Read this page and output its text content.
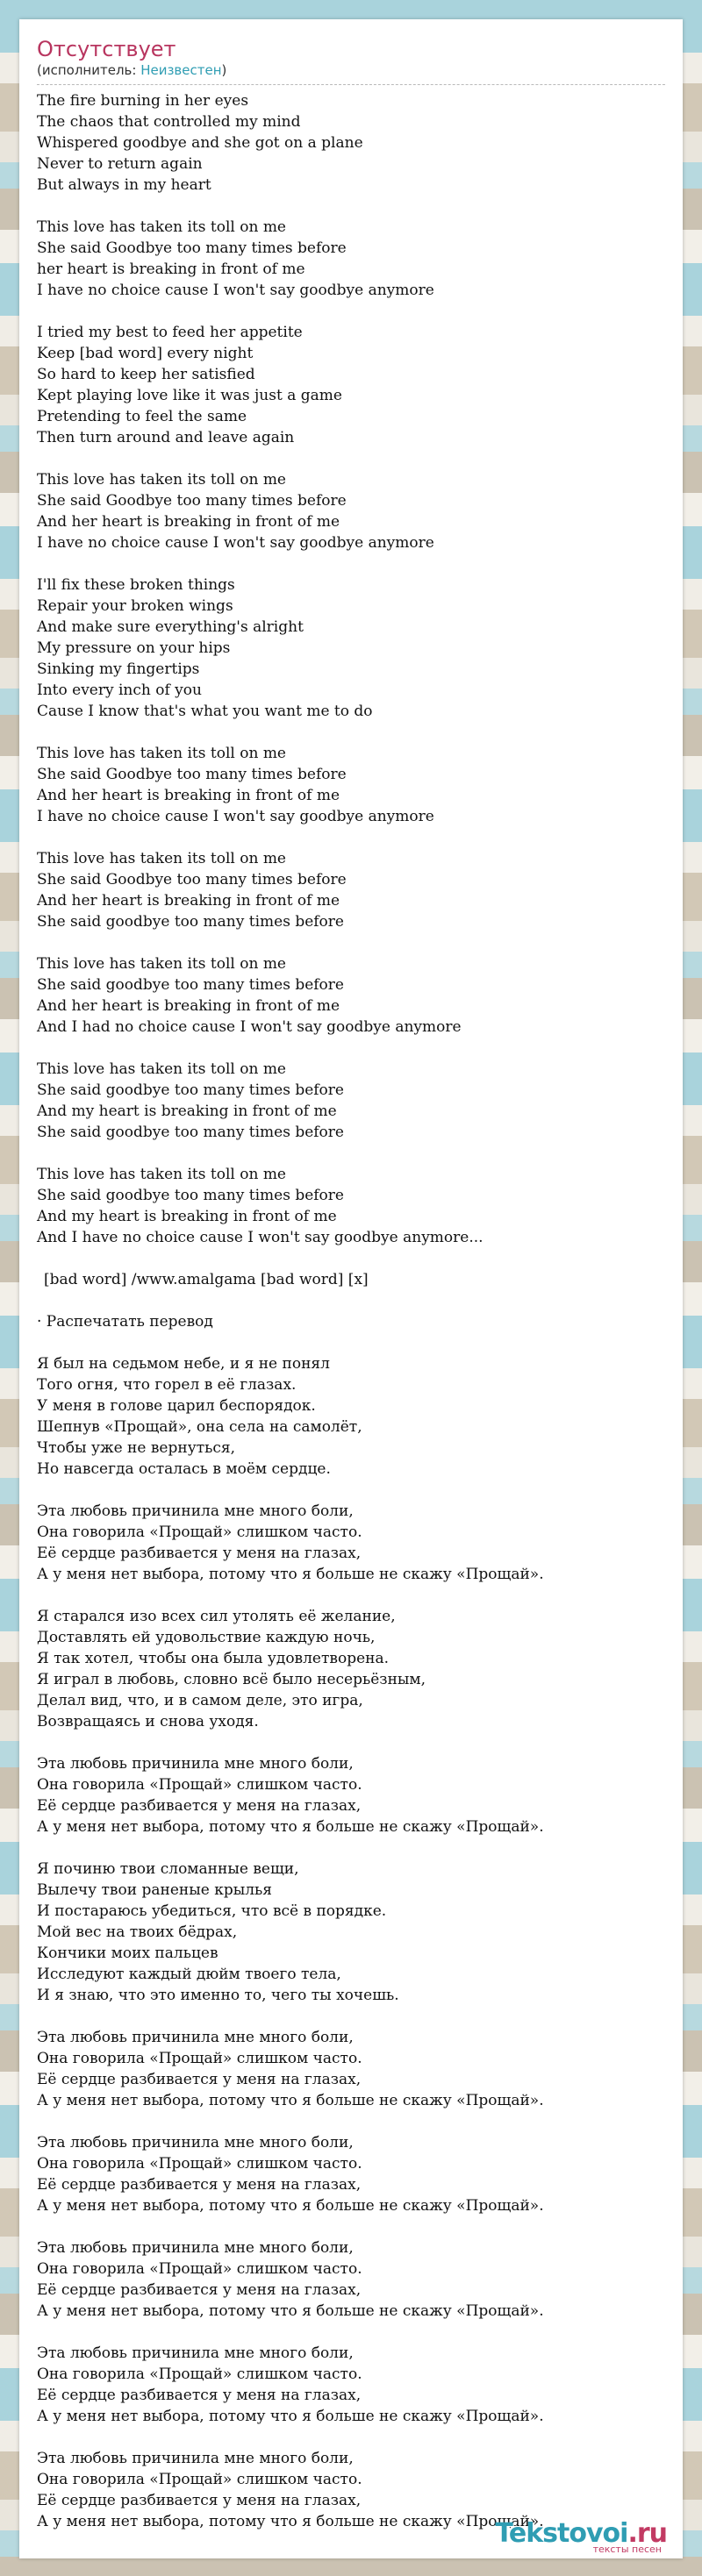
Отсутствует
(исполнитель: Неизвестен)
The fire burning in her eyes
The chaos that controlled my mind
Whispered goodbye and she got on a plane
Never to return again
But always in my heart
This love has taken its toll on me
She said Goodbye too many times before
her heart is breaking in front of me
I have no choice cause I won't say goodbye anymore
I tried my best to feed her appetite
Keep [bad word] every night
So hard to keep her satisfied
Kept playing love like it was just a game
Pretending to feel the same
Then turn around and leave again
This love has taken its toll on me
She said Goodbye too many times before
And her heart is breaking in front of me
I have no choice cause I won't say goodbye anymore
I'll fix these broken things
Repair your broken wings
And make sure everything's alright
My pressure on your hips
Sinking my fingertips
Into every inch of you
Cause I know that's what you want me to do
This love has taken its toll on me
She said Goodbye too many times before
And her heart is breaking in front of me
I have no choice cause I won't say goodbye anymore
This love has taken its toll on me
She said Goodbye too many times before
And her heart is breaking in front of me
She said goodbye too many times before
This love has taken its toll on me
She said goodbye too many times before
And her heart is breaking in front of me
And I had no choice cause I won't say goodbye anymore
This love has taken its toll on me
She said goodbye too many times before
And my heart is breaking in front of me
She said goodbye too many times before
This love has taken its toll on me
She said goodbye too many times before
And my heart is breaking in front of me
And I have no choice cause I won't say goodbye anymore...
[bad word] /www.amalgama [bad word] [x]
· Распечатать перевод
Я был на седьмом небе, и я не понял
Того огня, что горел в её глазах.
У меня в голове царил беспорядок.
Шепнув «Прощай», она села на самолёт,
Чтобы уже не вернуться,
Но навсегда осталась в моём сердце.
Эта любовь причинила мне много боли,
Она говорила «Прощай» слишком часто.
Её сердце разбивается у меня на глазах,
А у меня нет выбора, потому что я больше не скажу «Прощай».
Я старался изо всех сил утолять её желание,
Доставлять ей удовольствие каждую ночь,
Я так хотел, чтобы она была удовлетворена.
Я играл в любовь, словно всё было несерьёзным,
Делал вид, что, и в самом деле, это игра,
Возвращаясь и снова уходя.
Эта любовь причинила мне много боли,
Она говорила «Прощай» слишком часто.
Её сердце разбивается у меня на глазах,
А у меня нет выбора, потому что я больше не скажу «Прощай».
Я починю твои сломанные вещи,
Вылечу твои раненые крылья
И постараюсь убедиться, что всё в порядке.
Мой вес на твоих бёдрах,
Кончики моих пальцев
Исследуют каждый дюйм твоего тела,
И я знаю, что это именно то, чего ты хочешь.
Эта любовь причинила мне много боли,
Она говорила «Прощай» слишком часто.
Её сердце разбивается у меня на глазах,
А у меня нет выбора, потому что я больше не скажу «Прощай».
Эта любовь причинила мне много боли,
Она говорила «Прощай» слишком часто.
Её сердце разбивается у меня на глазах,
А у меня нет выбора, потому что я больше не скажу «Прощай».
Эта любовь причинила мне много боли,
Она говорила «Прощай» слишком часто.
Её сердце разбивается у меня на глазах,
А у меня нет выбора, потому что я больше не скажу «Прощай».
Эта любовь причинила мне много боли,
Она говорила «Прощай» слишком часто.
Её сердце разбивается у меня на глазах,
А у меня нет выбора, потому что я больше не скажу «Прощай».
Эта любовь причинила мне много боли,
Она говорила «Прощай» слишком часто.
Её сердце разбивается у меня на глазах,
А у меня нет выбора, потому что я больше не скажу «Прощай».
Tekstovoi.ru
тексты песен
